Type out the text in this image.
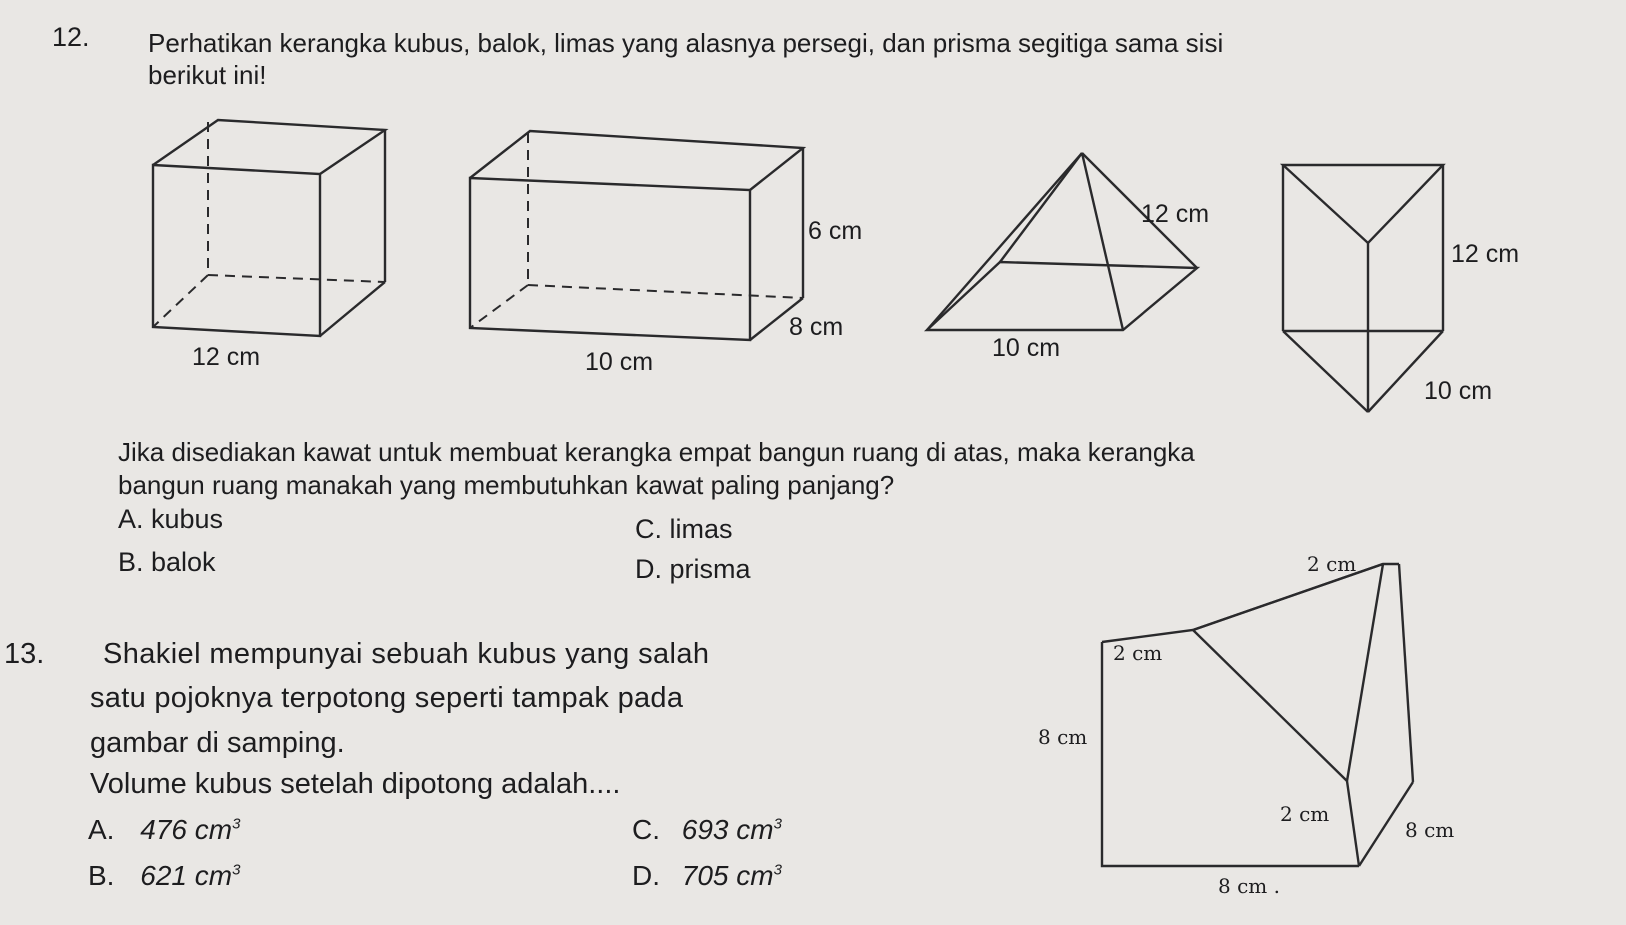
12. Perhatikan kerangka kubus, balok, limas yang alasnya persegi, dan prisma segitiga sama sisi
berikut ini!
12 cm
6 cm
8 cm
10 cm
12 cm
10 cm
12 cm
10 cm
Jika disediakan kawat untuk membuat kerangka empat bangun ruang di atas, maka kerangka
bangun ruang manakah yang membutuhkan kawat paling panjang?
A. kubus	C. limas
B. balok	D. prisma
13. Shakiel mempunyai sebuah kubus yang salah
satu pojoknya terpotong seperti tampak pada
gambar di samping.
Volume kubus setelah dipotong adalah....
A. 476 $cm^3$	C. 693 $cm^3$
B. 621 $cm^3$	D. 705 $cm^3$
2 cm
2 cm
8 cm
2 cm
8 cm
8 cm .
